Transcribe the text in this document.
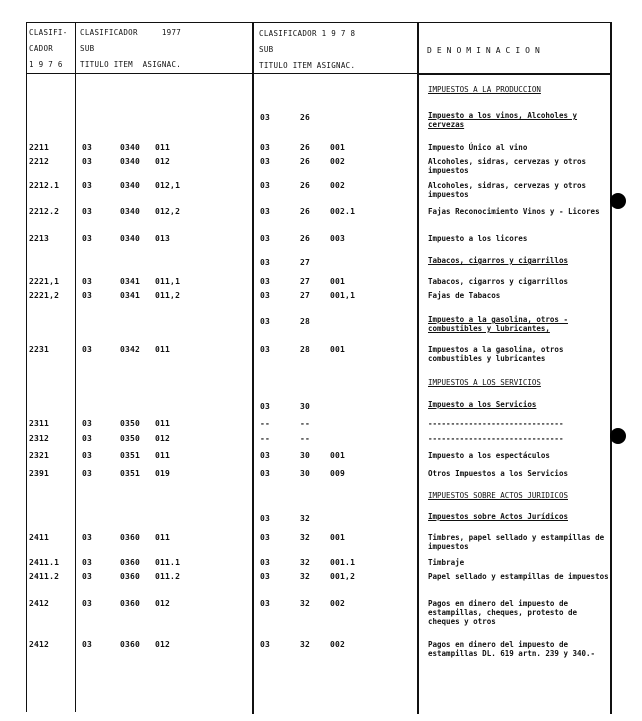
CLASIFI-
CADOR
1 9 7 6
CLASIFICADOR     1977
SUB
TITULO ITEM  ASIGNAC.
CLASIFICADOR 1 9 7 8
SUB
TITULO ITEM ASIGNAC.
DENOMINACION
IMPUESTOS A LA PRODUCCION
03	26	Impuesto a los vinos, Alcoholes y cervezas
2211	03	0340 011	03	26 001	Impuesto Único al vino
2212	03	0340 012	03	26 002	Alcoholes, sidras, cervezas y otros impuestos
2212.1	03	0340 012,1	03	26 002	Alcoholes, sidras, cervezas y otros impuestos
2212.2	03	0340 012,2	03	26 002.1	Fajas Reconocimiento Vinos y - Licores
2213	03	0340 013	03	26 003	Impuesto a los licores
03	27	Tabacos, cigarros y cigarrillos
2221,1	03	0341 011,1	03	27 001	Tabacos, cigarros y cigarrillos
2221,2	03	0341 011,2	03	27 001,1	Fajas de Tabacos
03	28	Impuesto a la gasolina, otros - combustibles y lubricantes,
2231	03	0342 011	03	28 001	Impuestos a la gasolina, otros combustibles y lubricantes
IMPUESTOS A LOS SERVICIOS
03	30	Impuesto a los Servicios
2311	03	0350 011	--	--	------------------------------
2312	03	0350 012	--	--	------------------------------
2321	03	0351 011	03	30 001	Impuesto a los espectáculos
2391	03	0351 019	03	30 009	Otros Impuestos a los Servicios
IMPUESTOS SOBRE ACTOS JURIDICOS
03	32	Impuestos sobre Actos Jurídicos
2411	03	0360 011	03	32 001	Timbres, papel sellado y estampillas de impuestos
2411.1	03	0360 011.1	03	32 001.1	Timbraje
2411.2	03	0360 011.2	03	32 001,2	Papel sellado y estampillas de impuestos
2412	03	0360 012	03	32 002	Pagos en dinero del impuesto de estampillas, cheques, protesto de cheques y otros
2412	03	0360 012	03	32 002	Pagos en dinero del impuesto de estampillas DL. 619 artn. 239 y 340.-
